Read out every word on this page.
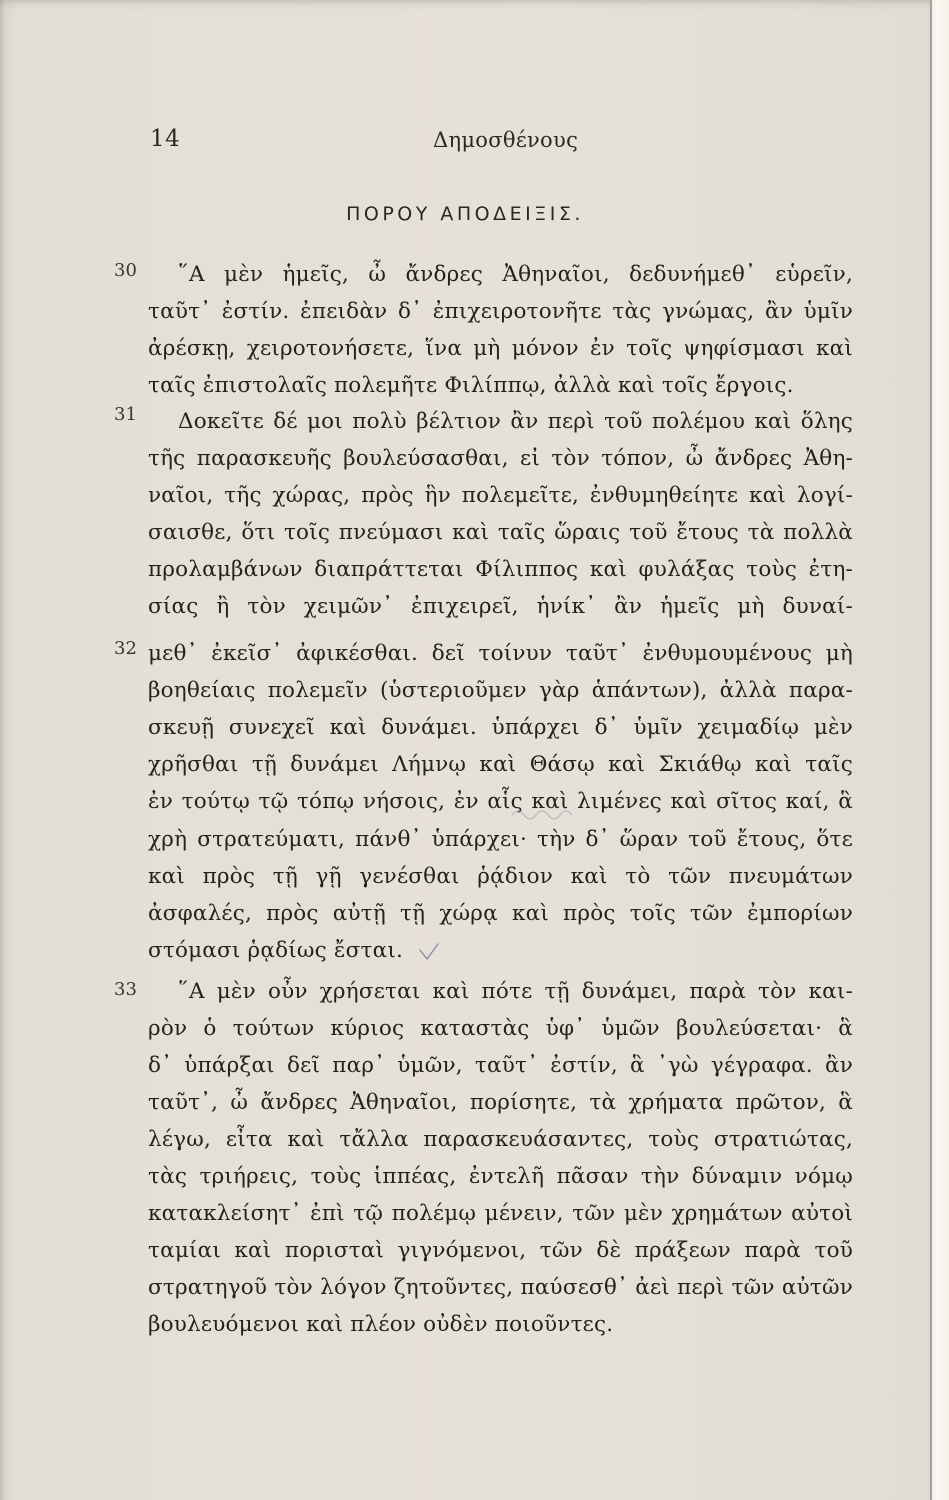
14	Δημοσθένους
ΠΟΡΟΥ ΑΠΟΔΕΙΞΙΣ.
30
31
32
33
῞Α μὲν ἡμεῖς, ὦ ἄνδρες Ἀθηναῖοι, δεδυνήμεθ᾿ εὑρεῖν,
ταῦτ᾿ ἐστίν. ἐπειδὰν δ᾿ ἐπιχειροτονῆτε τὰς γνώμας, ἂν ὑμῖν
ἀρέσκῃ, χειροτονήσετε, ἵνα μὴ μόνον ἐν τοῖς ψηφίσμασι καὶ
ταῖς ἐπιστολαῖς πολεμῆτε Φιλίππῳ, ἀλλὰ καὶ τοῖς ἔργοις.
Δοκεῖτε δέ μοι πολὺ βέλτιον ἂν περὶ τοῦ πολέμου καὶ ὅλης
τῆς παρασκευῆς βουλεύσασθαι, εἰ τὸν τόπον, ὦ ἄνδρες Ἀθη-
ναῖοι, τῆς χώρας, πρὸς ἣν πολεμεῖτε, ἐνθυμηθείητε καὶ λογί-
σαισθε, ὅτι τοῖς πνεύμασι καὶ ταῖς ὥραις τοῦ ἔτους τὰ πολλὰ
προλαμβάνων διαπράττεται Φίλιππος καὶ φυλάξας τοὺς ἐτη-
σίας ἢ τὸν χειμῶν᾿ ἐπιχειρεῖ, ἡνίκ᾿ ἂν ἡμεῖς μὴ δυναί-
μεθ᾿ ἐκεῖσ᾿ ἀφικέσθαι. δεῖ τοίνυν ταῦτ᾿ ἐνθυμουμένους μὴ
βοηθείαις πολεμεῖν (ὑστεριοῦμεν γὰρ ἁπάντων), ἀλλὰ παρα-
σκευῇ συνεχεῖ καὶ δυνάμει. ὑπάρχει δ᾿ ὑμῖν χειμαδίῳ μὲν
χρῆσθαι τῇ δυνάμει Λήμνῳ καὶ Θάσῳ καὶ Σκιάθῳ καὶ ταῖς
ἐν τούτῳ τῷ τόπῳ νήσοις, ἐν αἷς καὶ λιμένες καὶ σῖτος καί, ἃ
χρὴ στρατεύματι, πάνθ᾿ ὑπάρχει· τὴν δ᾿ ὥραν τοῦ ἔτους, ὅτε
καὶ πρὸς τῇ γῇ γενέσθαι ῥᾴδιον καὶ τὸ τῶν πνευμάτων
ἀσφαλές, πρὸς αὐτῇ τῇ χώρᾳ καὶ πρὸς τοῖς τῶν ἐμπορίων
στόμασι ῥᾳδίως ἔσται.
῞Α μὲν οὖν χρήσεται καὶ πότε τῇ δυνάμει, παρὰ τὸν και-
ρὸν ὁ τούτων κύριος καταστὰς ὑφ᾿ ὑμῶν βουλεύσεται· ἃ
δ᾿ ὑπάρξαι δεῖ παρ᾿ ὑμῶν, ταῦτ᾿ ἐστίν, ἃ ᾿γὼ γέγραφα. ἂν
ταῦτ᾿, ὦ ἄνδρες Ἀθηναῖοι, πορίσητε, τὰ χρήματα πρῶτον, ἃ
λέγω, εἶτα καὶ τἄλλα παρασκευάσαντες, τοὺς στρατιώτας,
τὰς τριήρεις, τοὺς ἱππέας, ἐντελῆ πᾶσαν τὴν δύναμιν νόμῳ
κατακλείσητ᾿ ἐπὶ τῷ πολέμῳ μένειν, τῶν μὲν χρημάτων αὐτοὶ
ταμίαι καὶ πορισταὶ γιγνόμενοι, τῶν δὲ πράξεων παρὰ τοῦ
στρατηγοῦ τὸν λόγον ζητοῦντες, παύσεσθ᾿ ἀεὶ περὶ τῶν αὐτῶν
βουλευόμενοι καὶ πλέον οὐδὲν ποιοῦντες.
